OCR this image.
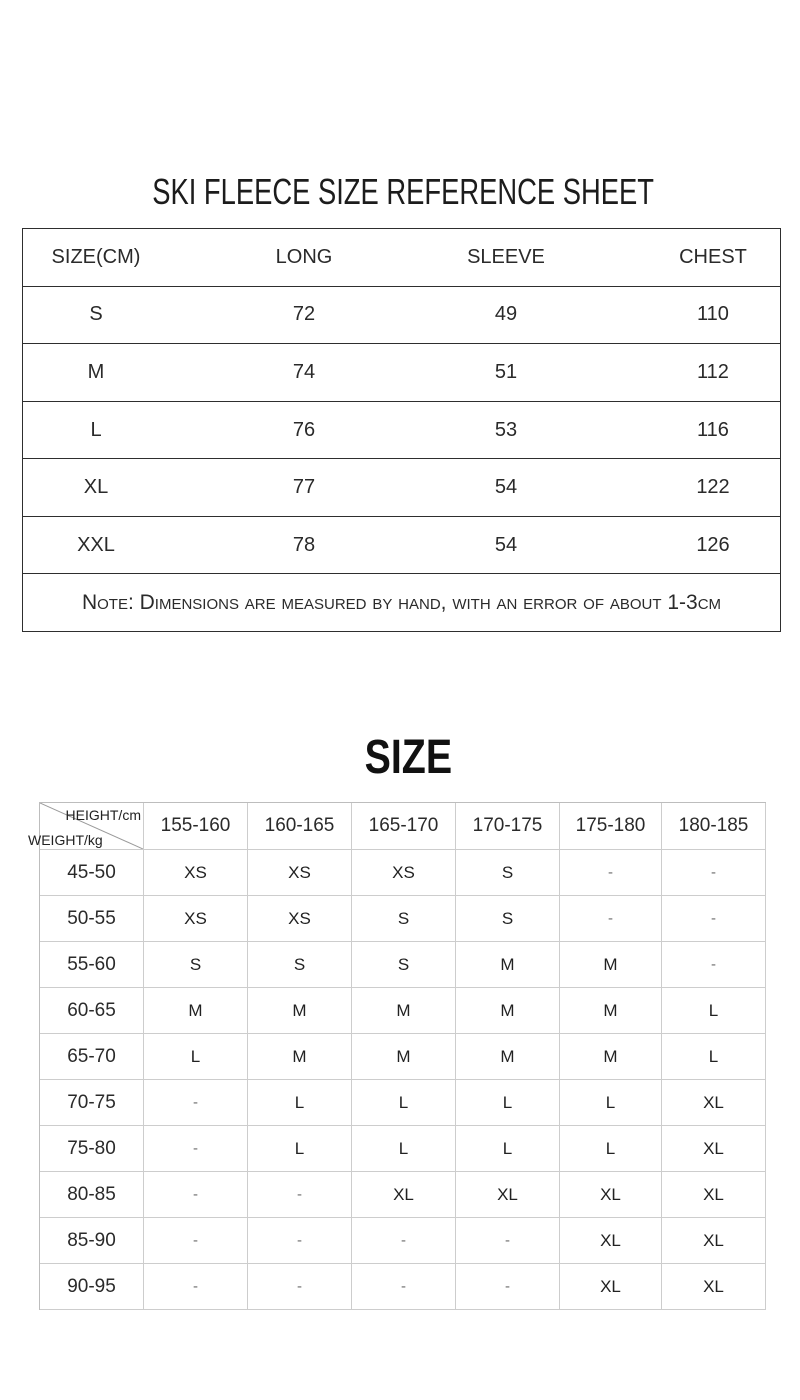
SKI FLEECE SIZE REFERENCE SHEET
SIZE(CM)	LONG	SLEEVE	CHEST
S	72	49	110
M	74	51	112
L	76	53	116
XL	77	54	122
XXL	78	54	126
Note: Dimensions are measured by hand, with an error of about 1-3cm
SIZE
HEIGHT/cm
WEIGHT/kg
155-160	160-165	165-170	170-175	175-180	180-185
45-50	XS	XS	XS	S	-	-
50-55	XS	XS	S	S	-	-
55-60	S	S	S	M	M	-
60-65	M	M	M	M	M	L
65-70	L	M	M	M	M	L
70-75	-	L	L	L	L	XL
75-80	-	L	L	L	L	XL
80-85	-	-	XL	XL	XL	XL
85-90	-	-	-	-	XL	XL
90-95	-	-	-	-	XL	XL
